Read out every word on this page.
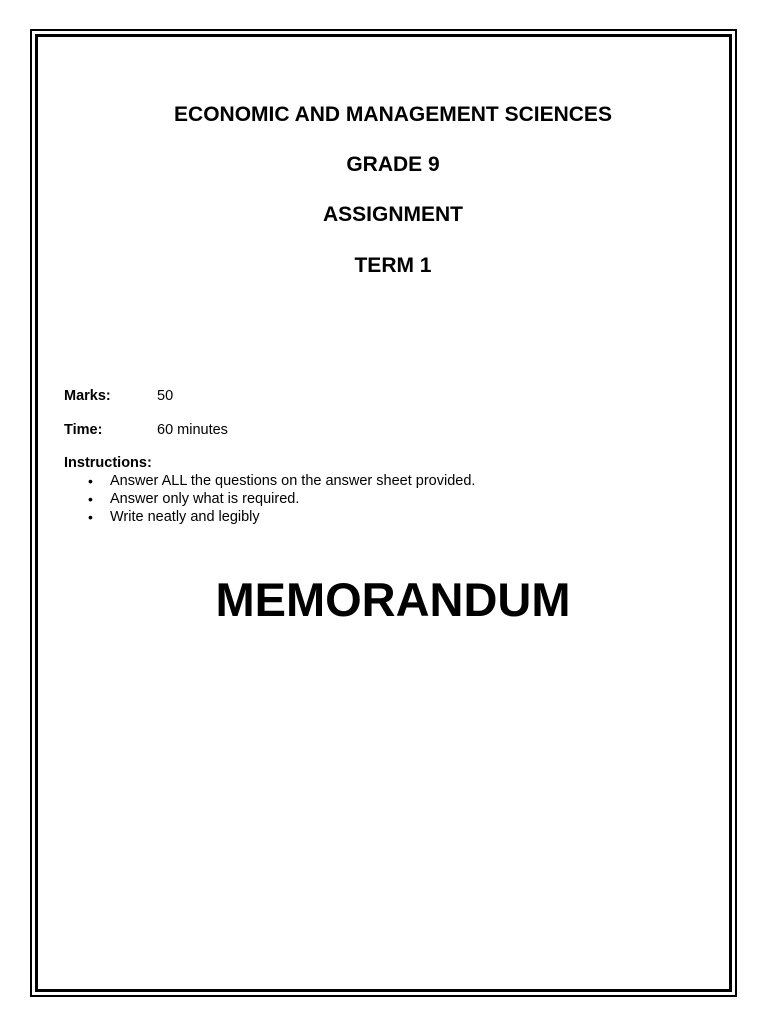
ECONOMIC AND MANAGEMENT SCIENCES
GRADE 9
ASSIGNMENT
TERM 1
Marks:	50
Time:	60 minutes
Instructions:
• Answer ALL the questions on the answer sheet provided.
• Answer only what is required.
• Write neatly and legibly
MEMORANDUM
